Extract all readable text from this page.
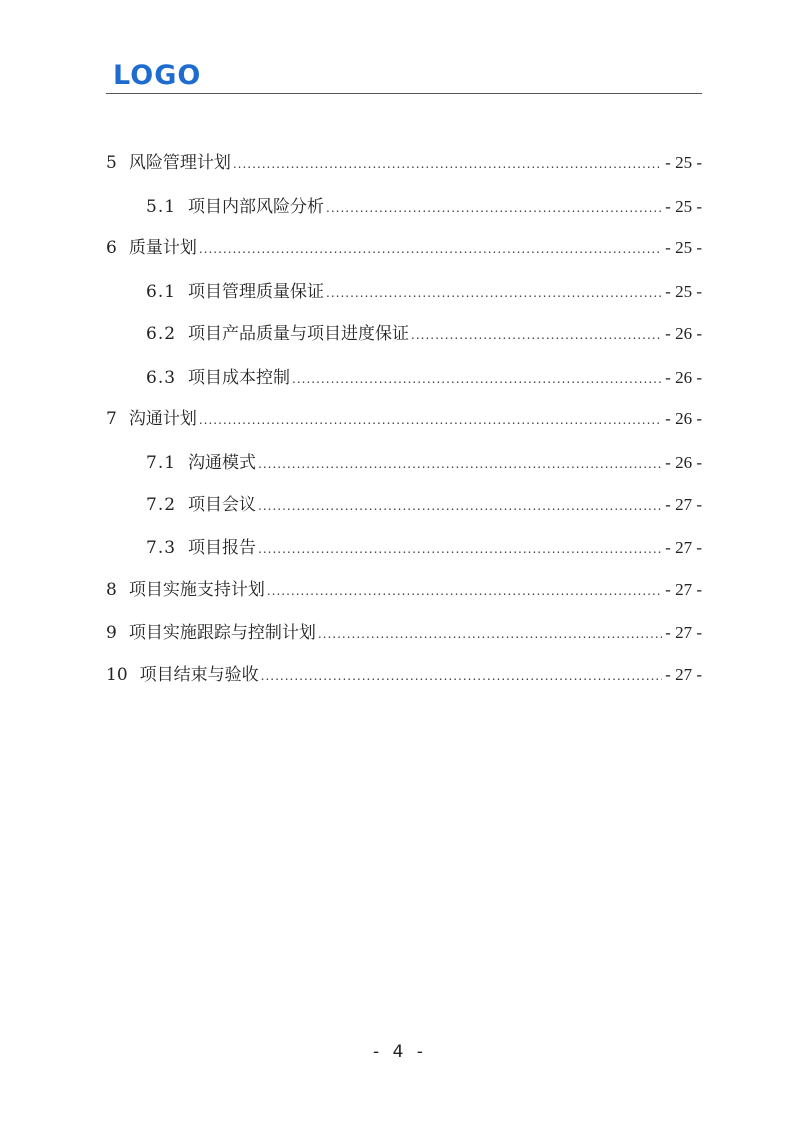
LOGO
5 风险管理计划 .....	- 25 -
5.1 项目内部风险分析 .....	- 25 -
6 质量计划 .....	- 25 -
6.1 项目管理质量保证 .....	- 25 -
6.2 项目产品质量与项目进度保证 .....	- 26 -
6.3 项目成本控制 .....	- 26 -
7 沟通计划 .....	- 26 -
7.1 沟通模式 .....	- 26 -
7.2 项目会议 .....	- 27 -
7.3 项目报告 .....	- 27 -
8 项目实施支持计划 .....	- 27 -
9 项目实施跟踪与控制计划 .....	- 27 -
10 项目结束与验收 .....	- 27 -
- 4 -
